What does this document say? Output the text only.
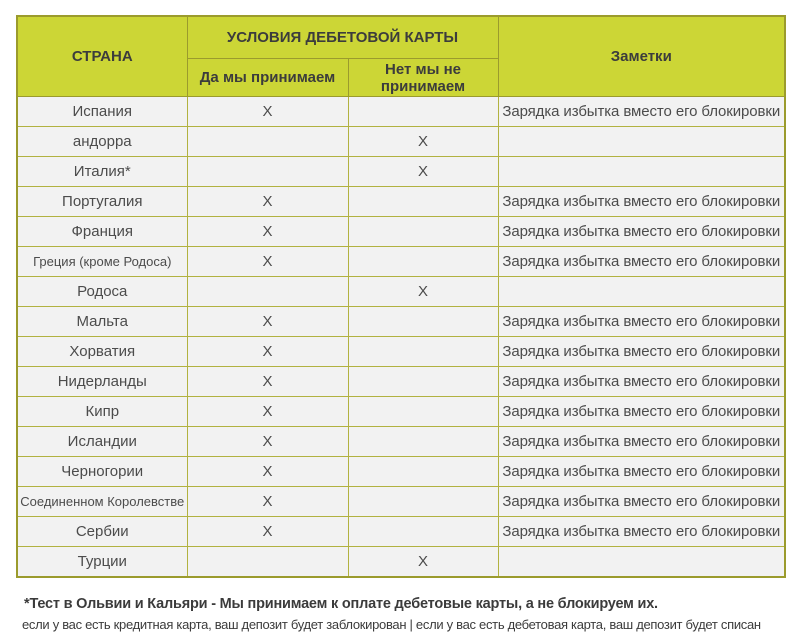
СТРАНА	УСЛОВИЯ ДЕБЕТОВОЙ КАРТЫ		Заметки
	Да мы принимаем	Нет мы не принимаем	
Испания	X		Зарядка избытка вместо его блокировки
андорра		X	
Италия*		X	
Португалия	X		Зарядка избытка вместо его блокировки
Франция	X		Зарядка избытка вместо его блокировки
Греция (кроме Родоса)	X		Зарядка избытка вместо его блокировки
Родоса		X	
Мальта	X		Зарядка избытка вместо его блокировки
Хорватия	X		Зарядка избытка вместо его блокировки
Нидерланды	X		Зарядка избытка вместо его блокировки
Кипр	X		Зарядка избытка вместо его блокировки
Исландии	X		Зарядка избытка вместо его блокировки
Черногории	X		Зарядка избытка вместо его блокировки
Соединенном Королевстве	X		Зарядка избытка вместо его блокировки
Сербии	X		Зарядка избытка вместо его блокировки
Турции		X	
*Тест в Ольвии и Кальяри - Мы принимаем к оплате дебетовые карты, а не блокируем их.
если у вас есть кредитная карта, ваш депозит будет заблокирован | если у вас есть дебетовая карта, ваш депозит будет списан
